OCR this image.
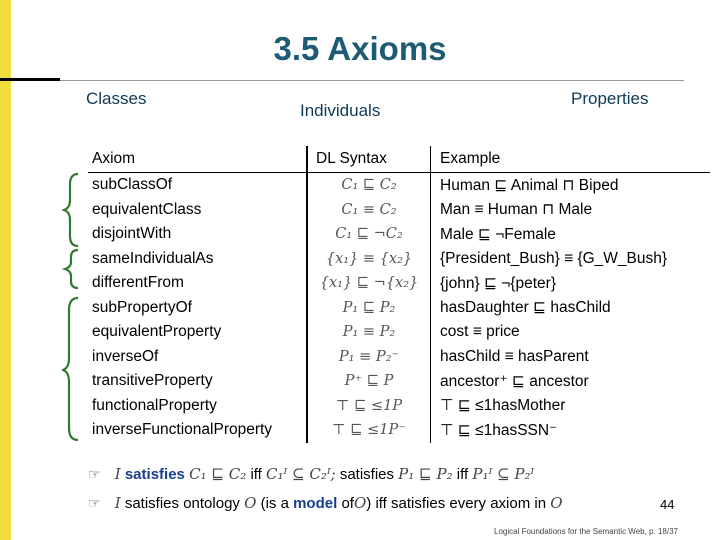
3.5 Axioms
Classes
Individuals
Properties
Axiom	DL Syntax	Example
subClassOf	C₁ ⊑ C₂	Human ⊑ Animal ⊓ Biped
equivalentClass	C₁ ≡ C₂	Man ≡ Human ⊓ Male
disjointWith	C₁ ⊑ ¬C₂	Male ⊑ ¬Female
sameIndividualAs	{x₁} ≡ {x₂}	{President_Bush} ≡ {G_W_Bush}
differentFrom	{x₁} ⊑ ¬{x₂}	{john} ⊑ ¬{peter}
subPropertyOf	P₁ ⊑ P₂	hasDaughter ⊑ hasChild
equivalentProperty	P₁ ≡ P₂	cost ≡ price
inverseOf	P₁ ≡ P₂⁻	hasChild ≡ hasParent
transitiveProperty	P⁺ ⊑ P	ancestor⁺ ⊑ ancestor
functionalProperty	⊤ ⊑ ≤1P	⊤ ⊑ ≤1hasMother
inverseFunctionalProperty	⊤ ⊑ ≤1P⁻	⊤ ⊑ ≤1hasSSN⁻
☞ I satisfies C₁ ⊑ C₂ iff C₁ᴵ ⊆ C₂ᴵ; satisfies P₁ ⊑ P₂ iff P₁ᴵ ⊆ P₂ᴵ
☞ I satisfies ontology O (is a model ofO) iff satisfies every axiom in O	44
Logical Foundations for the Semantic Web, p. 18/37
